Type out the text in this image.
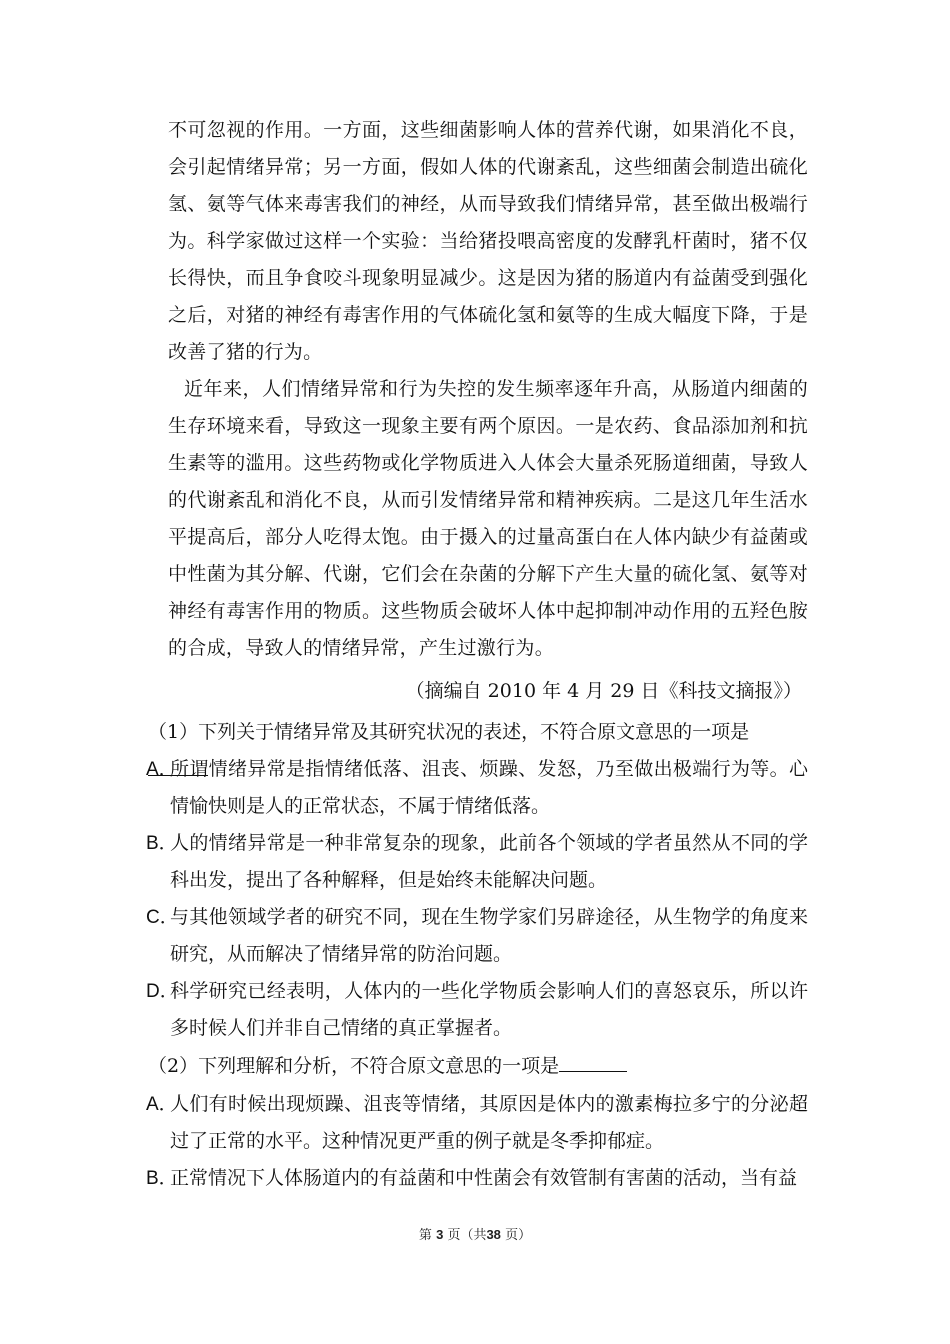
不可忽视的作用。一方面，这些细菌影响人体的营养代谢，如果消化不良，会引起情绪异常；另一方面，假如人体的代谢紊乱，这些细菌会制造出硫化氢、氨等气体来毒害我们的神经，从而导致我们情绪异常，甚至做出极端行为。科学家做过这样一个实验：当给猪投喂高密度的发酵乳杆菌时，猪不仅长得快，而且争食咬斗现象明显减少。这是因为猪的肠道内有益菌受到强化之后，对猪的神经有毒害作用的气体硫化氢和氨等的生成大幅度下降，于是改善了猪的行为。

近年来，人们情绪异常和行为失控的发生频率逐年升高，从肠道内细菌的生存环境来看，导致这一现象主要有两个原因。一是农药、食品添加剂和抗生素等的滥用。这些药物或化学物质进入人体会大量杀死肠道细菌，导致人的代谢紊乱和消化不良，从而引发情绪异常和精神疾病。二是这几年生活水平提高后，部分人吃得太饱。由于摄入的过量高蛋白在人体内缺少有益菌或中性菌为其分解、代谢，它们会在杂菌的分解下产生大量的硫化氢、氨等对神经有毒害作用的物质。这些物质会破坏人体中起抑制冲动作用的五羟色胺的合成，导致人的情绪异常，产生过激行为。

（摘编自 2010 年 4 月 29 日《科技文摘报》）
（1）下列关于情绪异常及其研究状况的表述，不符合原文意思的一项是
A．
所谓情绪异常是指情绪低落、沮丧、烦躁、发怒，乃至做出极端行为等。心情愉快则是人的正常状态，不属于情绪低落。
B．
人的情绪异常是一种非常复杂的现象，此前各个领域的学者虽然从不同的学科出发，提出了各种解释，但是始终未能解决问题。
C．
与其他领域学者的研究不同，现在生物学家们另辟途径，从生物学的角度来研究，从而解决了情绪异常的防治问题。
D．
科学研究已经表明，人体内的一些化学物质会影响人们的喜怒哀乐，所以许多时候人们并非自己情绪的真正掌握者。
（2）下列理解和分析，不符合原文意思的一项是
A．
人们有时候出现烦躁、沮丧等情绪，其原因是体内的激素梅拉多宁的分泌超过了正常的水平。这种情况更严重的例子就是冬季抑郁症。
B．
正常情况下人体肠道内的有益菌和中性菌会有效管制有害菌的活动，当有益
第 3 页（共38 页）
